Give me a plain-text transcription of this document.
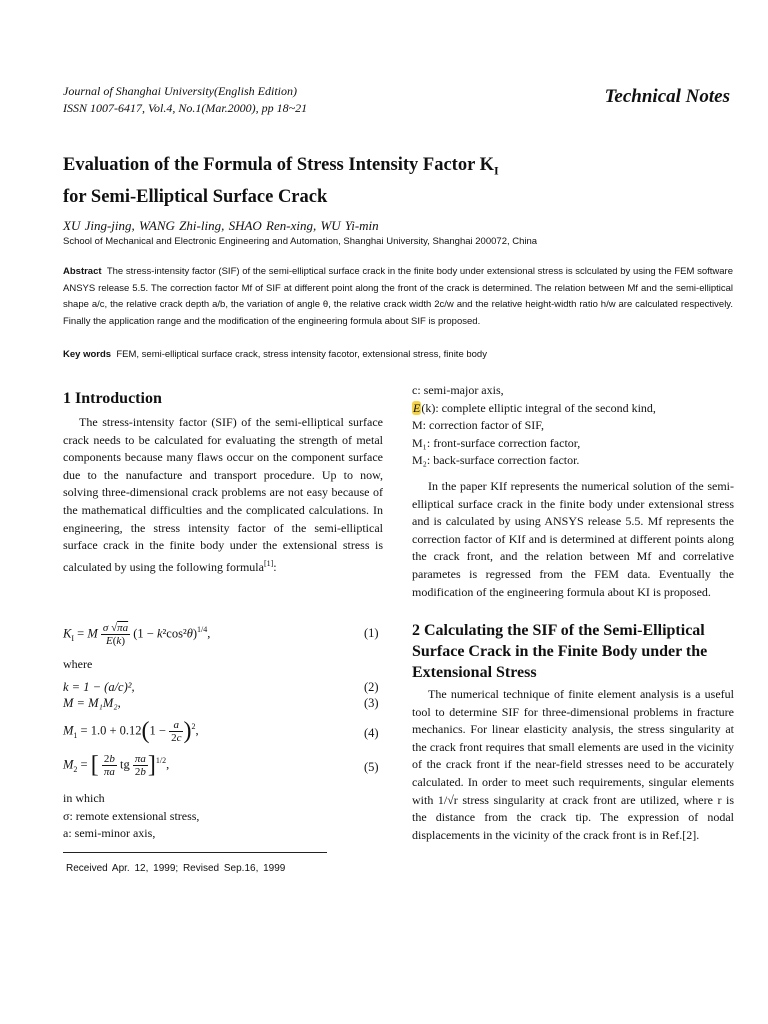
Journal of Shanghai University(English Edition)
ISSN 1007-6417, Vol.4, No.1(Mar.2000), pp 18~21
Technical Notes
Evaluation of the Formula of Stress Intensity Factor $K_I$
for Semi-Elliptical Surface Crack
XU Jing-jing, WANG Zhi-ling, SHAO Ren-xing, WU Yi-min
School of Mechanical and Electronic Engineering and Automation, Shanghai University, Shanghai 200072, China
Abstract The stress-intensity factor (SIF) of the semi-elliptical surface crack in the finite body under extensional stress is sclculated by using the FEM software ANSYS release 5.5. The correction factor Mf of SIF at different point along the front of the crack is determined. The relation between Mf and the semi-elliptical shape a/c, the relative crack depth a/b, the variation of angle θ, the relative crack width 2c/w and the relative height-width ratio h/w are calculated respectively. Finally the application range and the modification of the engineering formula about SIF is proposed.
Key words FEM, semi-elliptical surface crack, stress intensity facotor, extensional stress, finite body
1 Introduction

The stress-intensity factor (SIF) of the semi-elliptical surface crack needs to be calculated for evaluating the strength of metal components because many flaws occur on the component surface due to the nanufacture and transport procedure. Up to now, solving three-dimensional crack problems are not easy because of the mathematical difficulties and the complicated calculations. In engineering, the stress intensity factor of the semi-elliptical surface crack in the finite body under the extensional stress is calculated by using the following formula[1]:

$K_I = M \frac{\sigma √\pi a}{E(k)} (1 - k^2\cos^2\theta)^{1/4}$,	(1)
where
k = 1 − (a/c)²,	(2)
M = M₁M₂,	(3)
$M_1 = 1.0 + 0.12(1 - \frac{a}{2c} )^2$,	(4)
$M_2$ = [ $\frac{2b}{\pi a}$ tg $\frac{\pi a}{2b} ]^{1/2}$,	(5)
in which
σ: remote extensional stress,
a: semi-minor axis,
Received Apr. 12, 1999; Revised Sep.16, 1999
c: semi-major axis,
E(k): complete elliptic integral of the second kind,
M: correction factor of SIF,
M₁: front-surface correction factor,
M₂: back-surface correction factor.

In the paper KIf represents the numerical solution of the semi-elliptical surface crack in the finite body under extensional stress and is calculated by using ANSYS release 5.5. Mf represents the correction factor of KIf and is determined at different points along the crack front, and the relation between Mf and correlative parametes is regressed from the FEM data. Eventually the modification of the engineering formula about KI is proposed.

2 Calculating the SIF of the Semi-Elliptical Surface Crack in the Finite Body under the Extensional Stress

The numerical technique of finite element analysis is a useful tool to determine SIF for three-dimensional problems in fracture mechanics. For linear elasticity analysis, the stress singularity at the crack front requires that small elements are used in the vicinity of the crack front if the near-field stresses need to be accurately calculated. In order to meet such requirements, singular elements with 1/√r stress singularity at crack front are utilized, where r is the distance from the crack tip. The expression of nodal displacements in the vicinity of the crack front is in Ref.[2].
